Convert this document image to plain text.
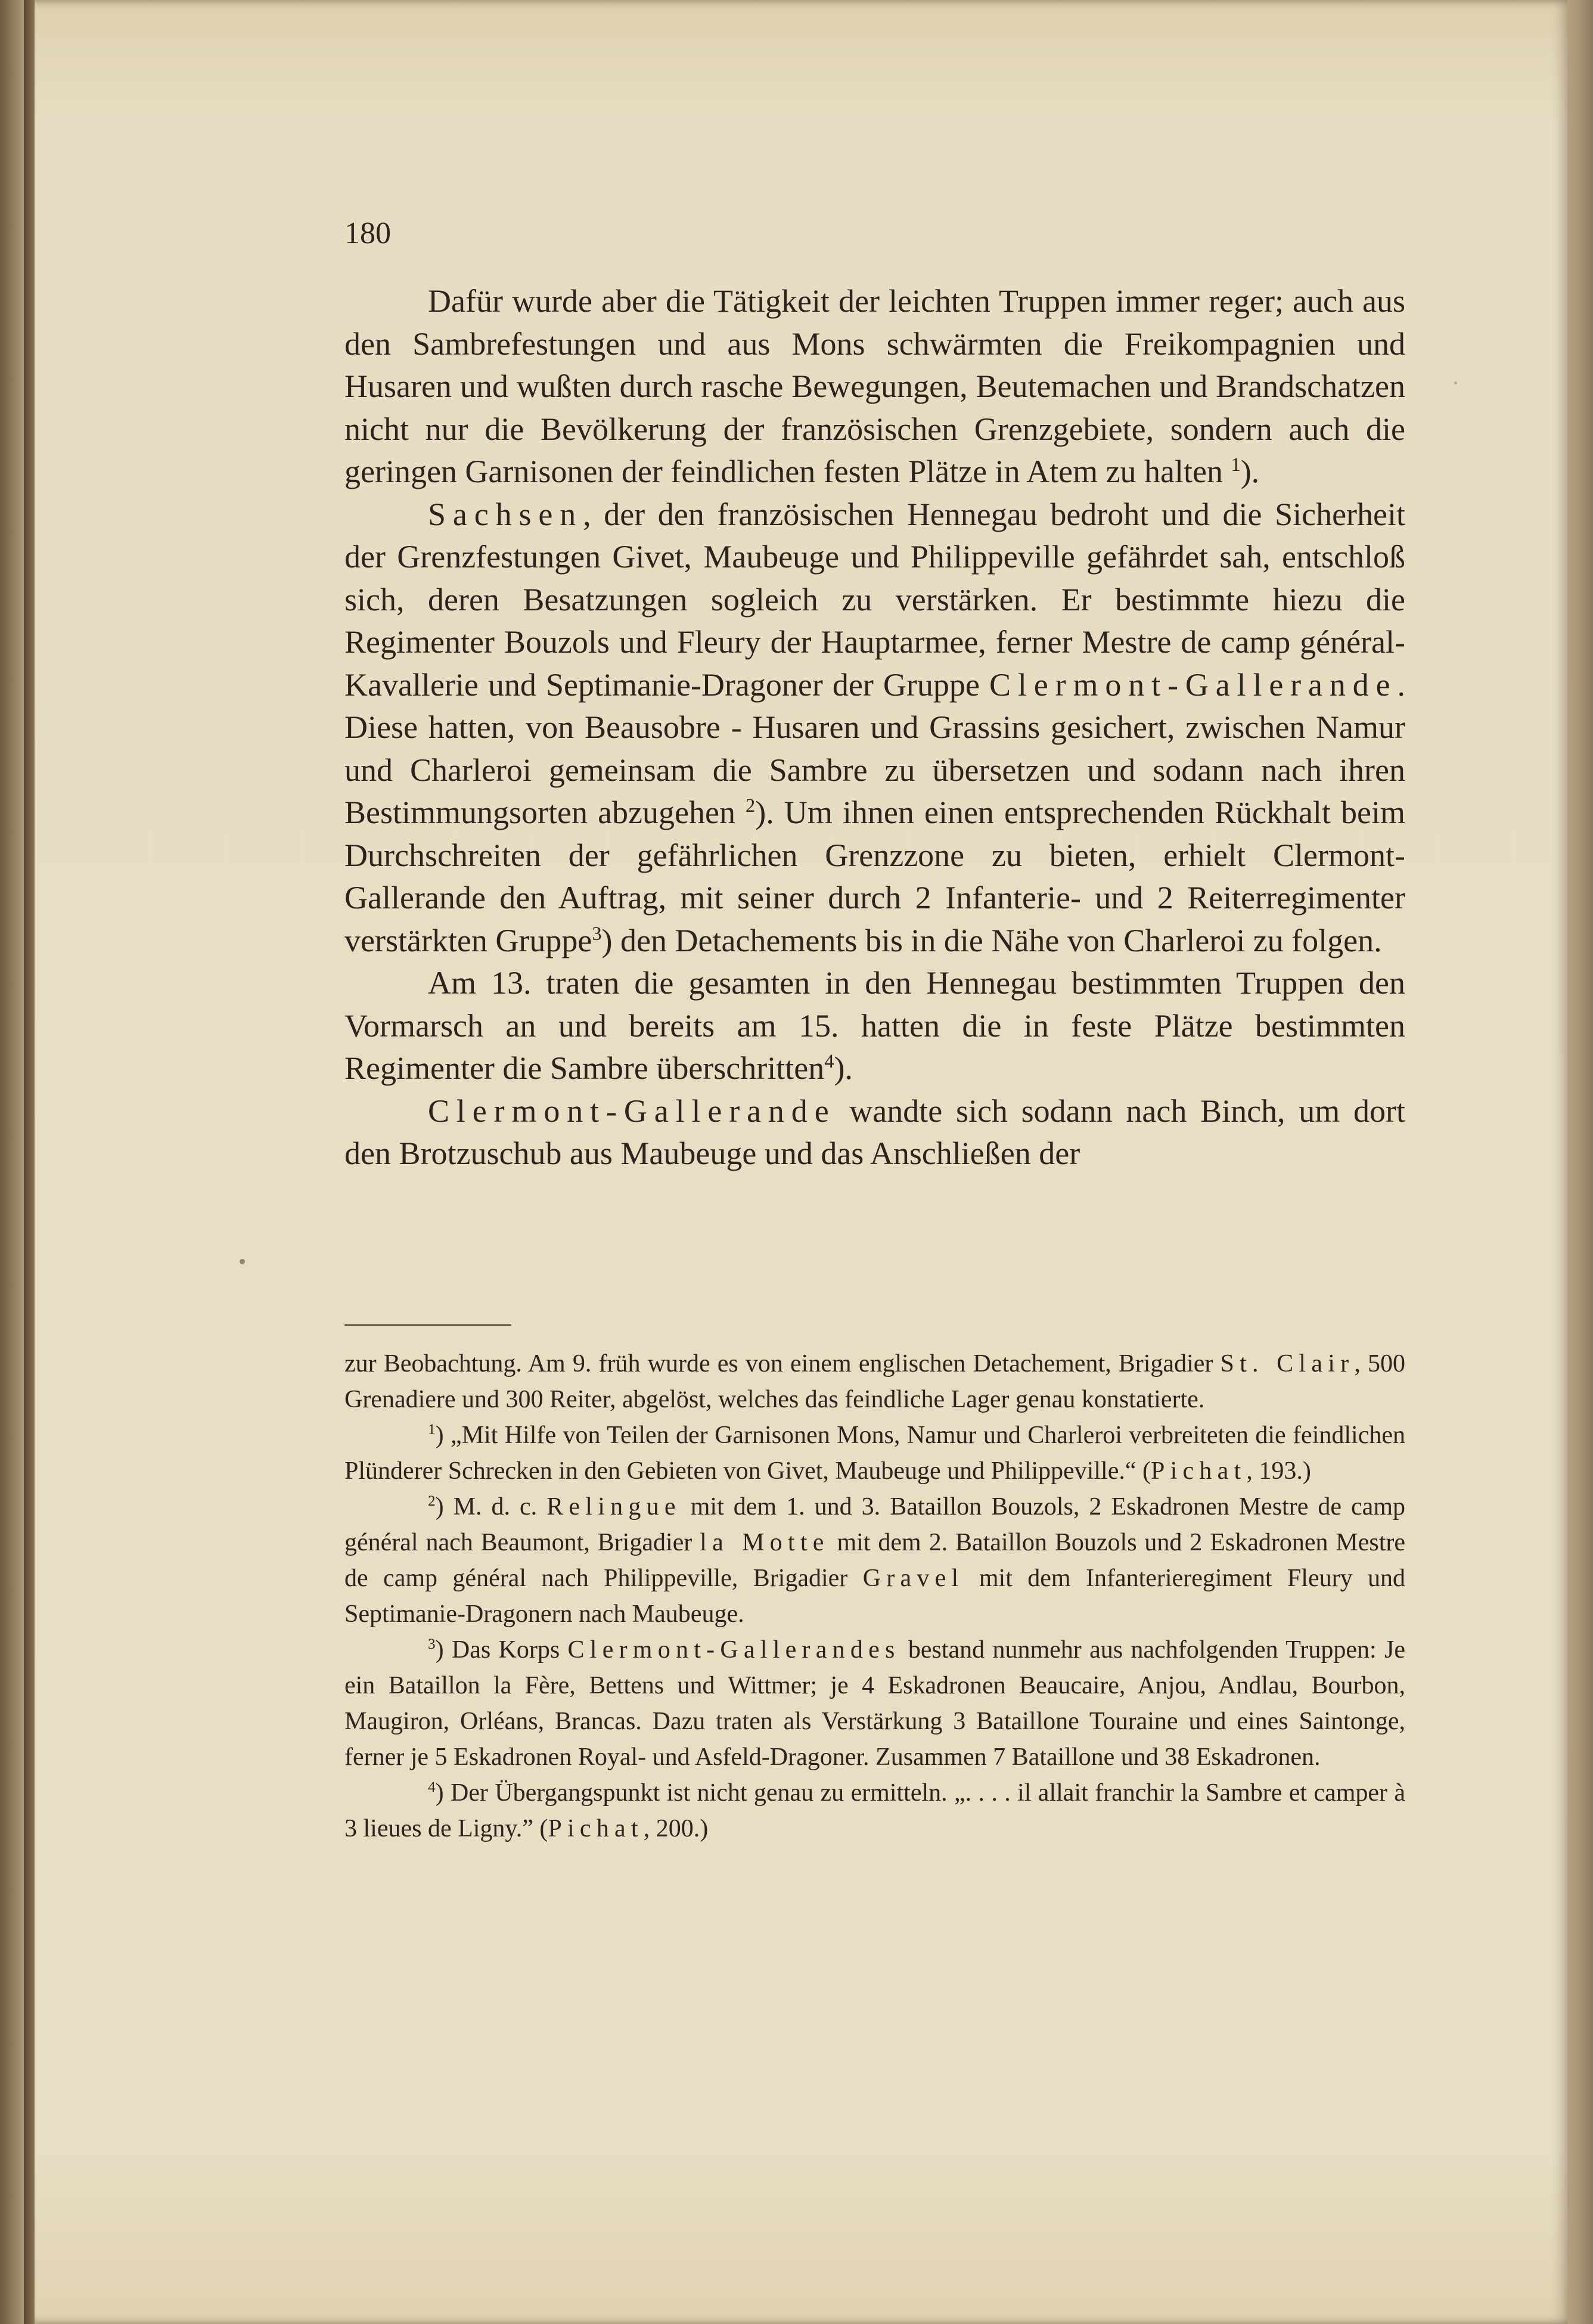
180

Dafür wurde aber die Tätigkeit der leichten Truppen immer reger; auch aus den Sambrefestungen und aus Mons schwärmten die Freikompagnien und Husaren und wußten durch rasche Bewegungen, Beutemachen und Brandschatzen nicht nur die Bevölkerung der französischen Grenzgebiete, sondern auch die geringen Garnisonen der feindlichen festen Plätze in Atem zu halten $^1$).

Sachsen, der den französischen Hennegau bedroht und die Sicherheit der Grenzfestungen Givet, Maubeuge und Philippeville gefährdet sah, entschloß sich, deren Besatzungen sogleich zu verstärken. Er bestimmte hiezu die Regimenter Bouzols und Fleury der Hauptarmee, ferner Mestre de camp général-Kavallerie und Septimanie-Dragoner der Gruppe Clermont-Gallerande. Diese hatten, von Beausobre - Husaren und Grassins gesichert, zwischen Namur und Charleroi gemeinsam die Sambre zu übersetzen und sodann nach ihren Bestimmungsorten abzugehen $^2$). Um ihnen einen entsprechenden Rückhalt beim Durchschreiten der gefährlichen Grenzzone zu bieten, erhielt Clermont-Gallerande den Auftrag, mit seiner durch 2 Infanterie- und 2 Reiterregimenter verstärkten Gruppe$^3$) den Detachements bis in die Nähe von Charleroi zu folgen.

Am 13. traten die gesamten in den Hennegau bestimmten Truppen den Vormarsch an und bereits am 15. hatten die in feste Plätze bestimmten Regimenter die Sambre überschritten$^4$).

Clermont-Gallerande wandte sich sodann nach Binch, um dort den Brotzuschub aus Maubeuge und das Anschließen der

zur Beobachtung. Am 9. früh wurde es von einem englischen Detachement, Brigadier St. Clair, 500 Grenadiere und 300 Reiter, abgelöst, welches das feindliche Lager genau konstatierte.

$^1$) „Mit Hilfe von Teilen der Garnisonen Mons, Namur und Charleroi verbreiteten die feindlichen Plünderer Schrecken in den Gebieten von Givet, Maubeuge und Philippeville.“ (Pichat, 193.)

$^2$) M. d. c. Relingue mit dem 1. und 3. Bataillon Bouzols, 2 Eskadronen Mestre de camp général nach Beaumont, Brigadier la Motte mit dem 2. Bataillon Bouzols und 2 Eskadronen Mestre de camp général nach Philippeville, Brigadier Gravel mit dem Infanterieregiment Fleury und Septimanie-Dragonern nach Maubeuge.

$^3$) Das Korps Clermont-Gallerandes bestand nunmehr aus nachfolgenden Truppen: Je ein Bataillon la Fère, Bettens und Wittmer; je 4 Eskadronen Beaucaire, Anjou, Andlau, Bourbon, Maugiron, Orléans, Brancas. Dazu traten als Verstärkung 3 Bataillone Touraine und eines Saintonge, ferner je 5 Eskadronen Royal- und Asfeld-Dragoner. Zusammen 7 Bataillone und 38 Eskadronen.

$^4$) Der Übergangspunkt ist nicht genau zu ermitteln. „. . . . il allait franchir la Sambre et camper à 3 lieues de Ligny.” (Pichat, 200.)
